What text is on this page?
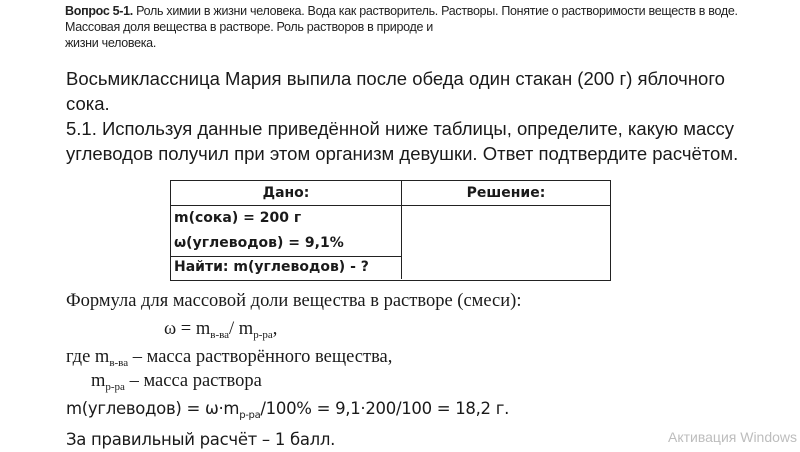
Вопрос 5-1. Роль химии в жизни человека. Вода как растворитель. Растворы. Понятие о растворимости веществ в воде.
Массовая доля вещества в растворе. Роль растворов в природе и
жизни человека.

Восьмиклассница Мария выпила после обеда один стакан (200 г) яблочного сока.

5.1. Используя данные приведённой ниже таблицы, определите, какую массу углеводов получил при этом организм девушки. Ответ подтвердите расчётом.

Дано:	Решение:
m(сока) = 200 г
ω(углеводов) = 9,1%
Найти: m(углеводов) - ?
Формула для массовой доли вещества в растворе (смеси):
$\omega = m_{в-ва}/$ $m_{р-ра}$,
где $m_{в-ва}$ – масса растворённого вещества,
$m_{р-ра}$ – масса раствора
m(углеводов) = $\omega\cdot m_{р-ра}/100\% = 9,1\cdot 200/100 = 18,2$ г.
За правильный расчёт – 1 балл.	Активация Windows
